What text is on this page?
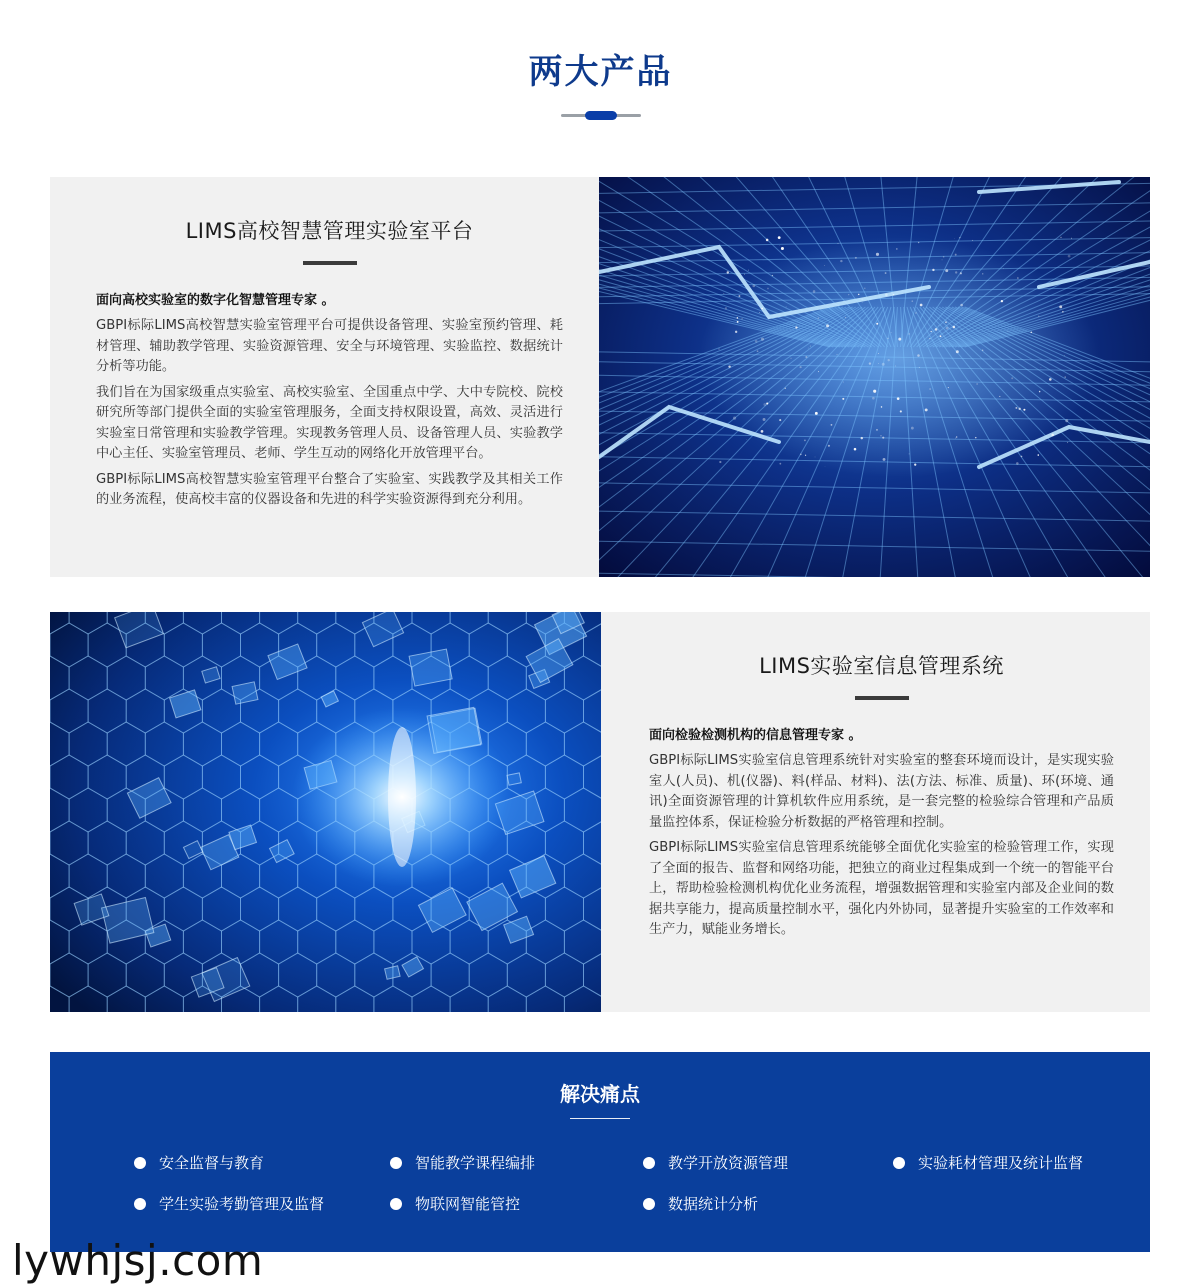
两大产品
LIMS高校智慧管理实验室平台
面向高校实验室的数字化智慧管理专家 。

GBPI标际LIMS高校智慧实验室管理平台可提供设备管理、实验室预约管理、耗材管理、辅助教学管理、实验资源管理、安全与环境管理、实验监控、数据统计分析等功能。

我们旨在为国家级重点实验室、高校实验室、全国重点中学、大中专院校、院校研究所等部门提供全面的实验室管理服务，全面支持权限设置，高效、灵活进行实验室日常管理和实验教学管理。实现教务管理人员、设备管理人员、实验教学中心主任、实验室管理员、老师、学生互动的网络化开放管理平台。

GBPI标际LIMS高校智慧实验室管理平台整合了实验室、实践教学及其相关工作的业务流程，使高校丰富的仪器设备和先进的科学实验资源得到充分利用。

LIMS实验室信息管理系统
面向检验检测机构的信息管理专家 。

GBPI标际LIMS实验室信息管理系统针对实验室的整套环境而设计，是实现实验室人(人员)、机(仪器)、料(样品、材料)、法(方法、标准、质量)、环(环境、通讯)全面资源管理的计算机软件应用系统，是一套完整的检验综合管理和产品质量监控体系，保证检验分析数据的严格管理和控制。

GBPI标际LIMS实验室信息管理系统能够全面优化实验室的检验管理工作，实现了全面的报告、监督和网络功能，把独立的商业过程集成到一个统一的智能平台上，帮助检验检测机构优化业务流程，增强数据管理和实验室内部及企业间的数据共享能力，提高质量控制水平，强化内外协同，显著提升实验室的工作效率和生产力，赋能业务增长。

解决痛点
安全监督与教育	智能教学课程编排	教学开放资源管理	实验耗材管理及统计监督
学生实验考勤管理及监督	物联网智能管控	数据统计分析
lywhjsj.com
